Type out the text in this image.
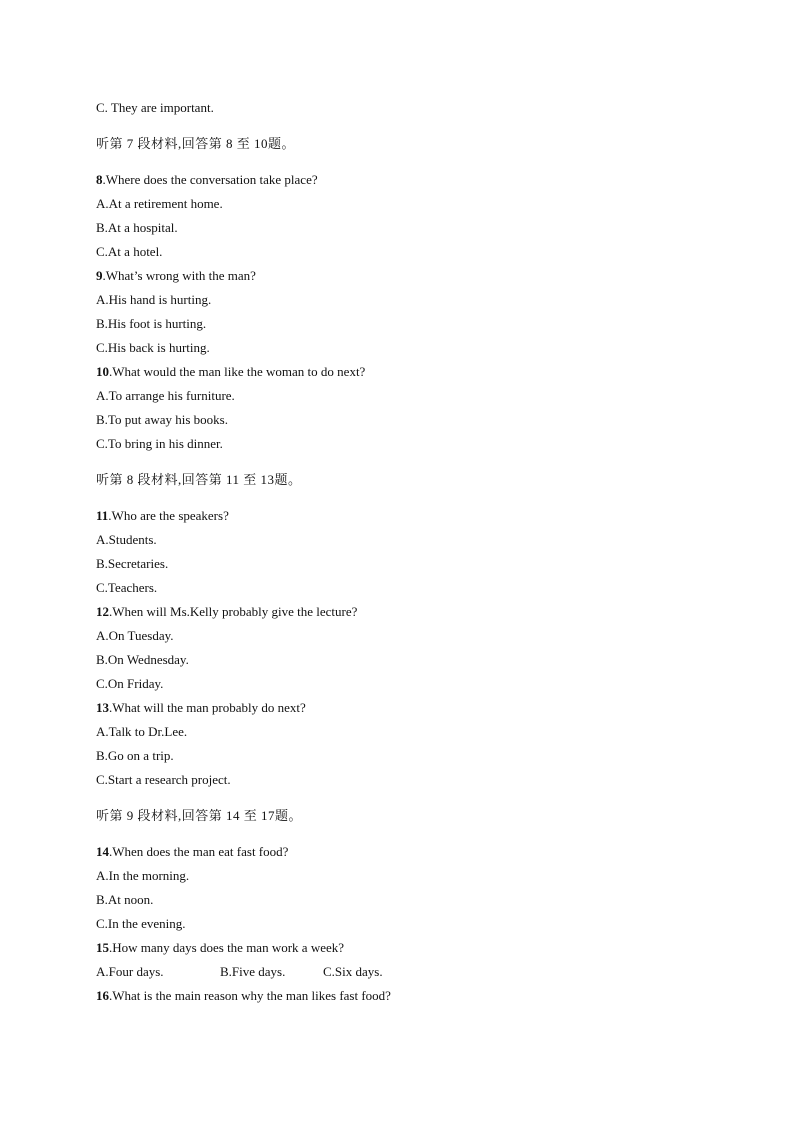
C. They are important.
听第 7 段材料,回答第 8 至 10题。
8.Where does the conversation take place?
A.At a retirement home.
B.At a hospital.
C.At a hotel.
9.What’s wrong with the man?
A.His hand is hurting.
B.His foot is hurting.
C.His back is hurting.
10.What would the man like the woman to do next?
A.To arrange his furniture.
B.To put away his books.
C.To bring in his dinner.
听第 8 段材料,回答第 11 至 13题。
11.Who are the speakers?
A.Students.
B.Secretaries.
C.Teachers.
12.When will Ms.Kelly probably give the lecture?
A.On Tuesday.
B.On Wednesday.
C.On Friday.
13.What will the man probably do next?
A.Talk to Dr.Lee.
B.Go on a trip.
C.Start a research project.
听第 9 段材料,回答第 14 至 17题。
14.When does the man eat fast food?
A.In the morning.
B.At noon.
C.In the evening.
15.How many days does the man work a week?
A.Four days.	B.Five days.	C.Six days.
16.What is the main reason why the man likes fast food?
